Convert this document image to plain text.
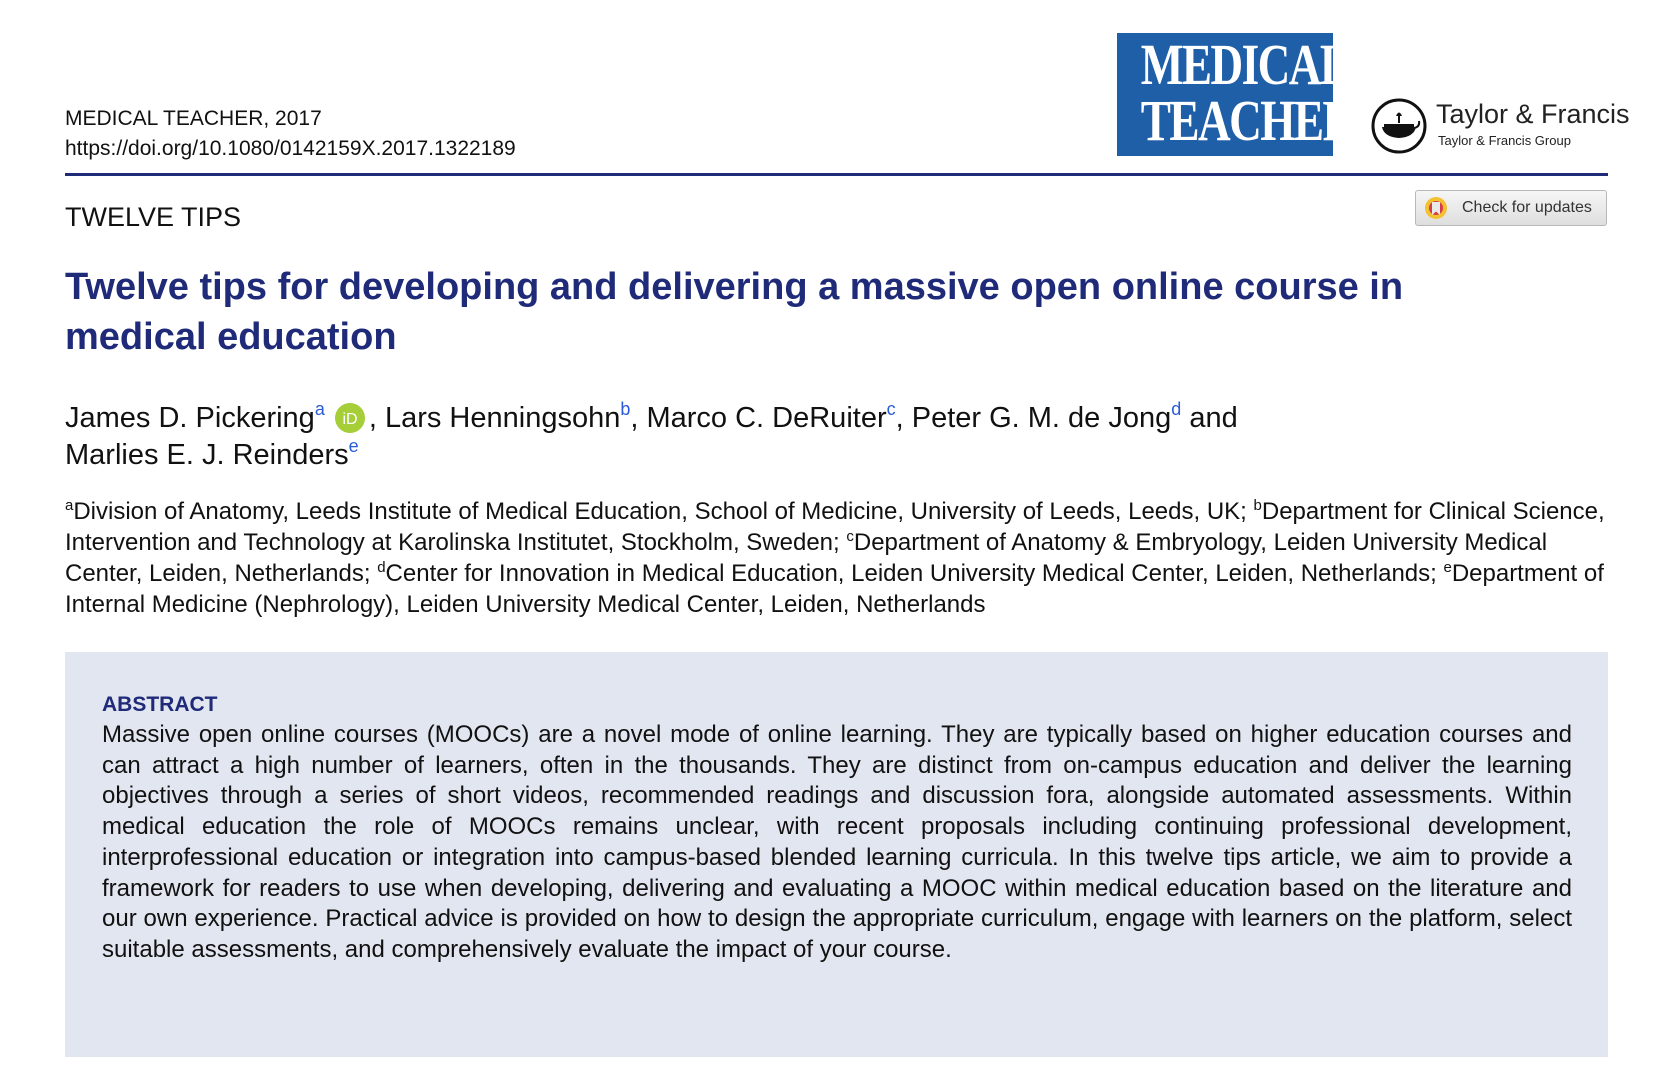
MEDICAL TEACHER, 2017
https://doi.org/10.1080/0142159X.2017.1322189
MEDICAL
TEACHER	Taylor & Francis
Taylor & Francis Group
TWELVE TIPS	Check for updates
Twelve tips for developing and delivering a massive open online course in medical education
James D. Pickering$^a$
iD , Lars Henningsohn$^b$, Marco C. DeRuiter$^c$, Peter G. M. de Jong$^d$ and
Marlies E. J. Reinders$^e$
$^a$Division of Anatomy, Leeds Institute of Medical Education, School of Medicine, University of Leeds, Leeds, UK; $^b$Department for Clinical Science, Intervention and Technology at Karolinska Institutet, Stockholm, Sweden; $^c$Department of Anatomy & Embryology, Leiden University Medical Center, Leiden, Netherlands; $^d$Center for Innovation in Medical Education, Leiden University Medical Center, Leiden, Netherlands; $^e$Department of Internal Medicine (Nephrology), Leiden University Medical Center, Leiden, Netherlands
ABSTRACT
Massive open online courses (MOOCs) are a novel mode of online learning. They are typically based on higher education courses and can attract a high number of learners, often in the thousands. They are distinct from on-campus education and deliver the learning objectives through a series of short videos, recommended readings and discussion fora, alongside automated assessments. Within medical education the role of MOOCs remains unclear, with recent proposals including continuing professional development, interprofessional education or integration into campus-based blended learning curricula. In this twelve tips article, we aim to provide a framework for readers to use when developing, delivering and evaluating a MOOC within medical education based on the literature and our own experience. Practical advice is provided on how to design the appropriate curriculum, engage with learners on the platform, select suitable assessments, and comprehensively evaluate the impact of your course.
